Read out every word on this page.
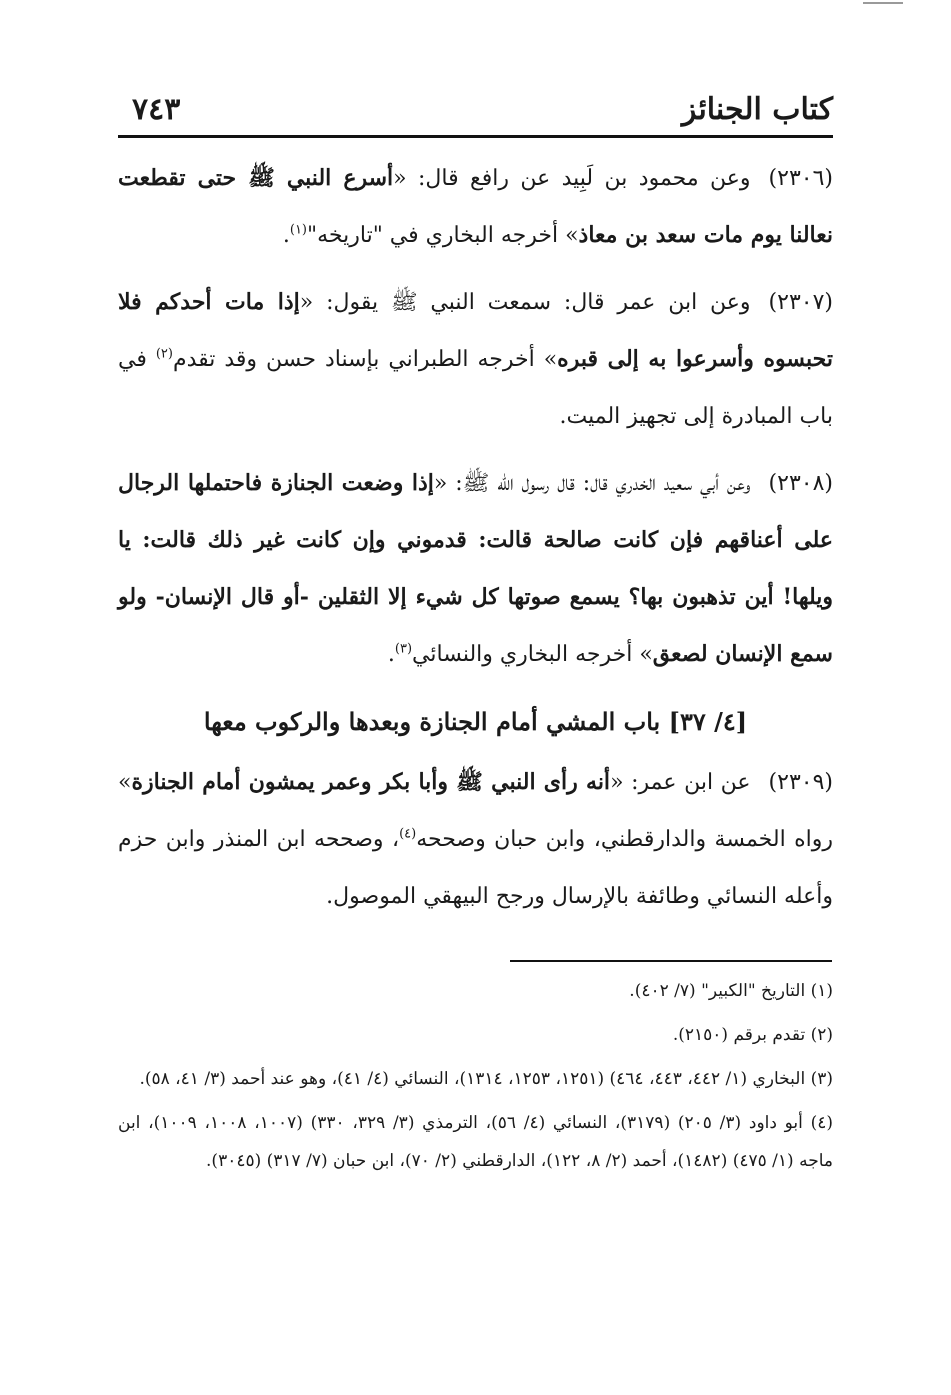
كتاب الجنائز
٧٤٣

(٢٣٠٦)وعن محمود بن لَبِيد عن رافع قال: «أسرع النبي ﷺ حتى تقطعت نعالنا يوم مات سعد بن معاذ» أخرجه البخاري في "تاريخه"$^{(١)}$.

(٢٣٠٧)وعن ابن عمر قال: سمعت النبي ﷺ يقول: «إذا مات أحدكم فلا تحبسوه وأسرعوا به إلى قبره» أخرجه الطبراني بإسناد حسن وقد تقدم$^{(٢)}$ في باب المبادرة إلى تجهيز الميت.

(٢٣٠٨)وعن أبي سعيد الخدري قال: قال رسول الله ﷺ: «إذا وضعت الجنازة فاحتملها الرجال على أعناقهم فإن كانت صالحة قالت: قدموني وإن كانت غير ذلك قالت: يا ويلها! أين تذهبون بها؟ يسمع صوتها كل شيء إلا الثقلين -أو قال الإنسان- ولو سمع الإنسان لصعق» أخرجه البخاري والنسائي$^{(٣)}$.

[٤/ ٣٧] باب المشي أمام الجنازة وبعدها والركوب معها

(٢٣٠٩)عن ابن عمر: «أنه رأى النبي ﷺ وأبا بكر وعمر يمشون أمام الجنازة» رواه الخمسة والدارقطني، وابن حبان وصححه$^{(٤)}$، وصححه ابن المنذر وابن حزم وأعله النسائي وطائفة بالإرسال ورجح البيهقي الموصول.

(١) التاريخ "الكبير" (٧/ ٤٠٢).

(٢) تقدم برقم (٢١٥٠).

(٣) البخاري (١/ ٤٤٢، ٤٤٣، ٤٦٤) (١٢٥١، ١٢٥٣، ١٣١٤)، النسائي (٤/ ٤١)، وهو عند أحمد (٣/ ٤١، ٥٨).

(٤) أبو داود (٣/ ٢٠٥) (٣١٧٩)، النسائي (٤/ ٥٦)، الترمذي (٣/ ٣٢٩، ٣٣٠) (١٠٠٧، ١٠٠٨، ١٠٠٩)، ابن ماجه (١/ ٤٧٥) (١٤٨٢)، أحمد (٢/ ٨، ١٢٢)، الدارقطني (٢/ ٧٠)، ابن حبان (٧/ ٣١٧) (٣٠٤٥).
